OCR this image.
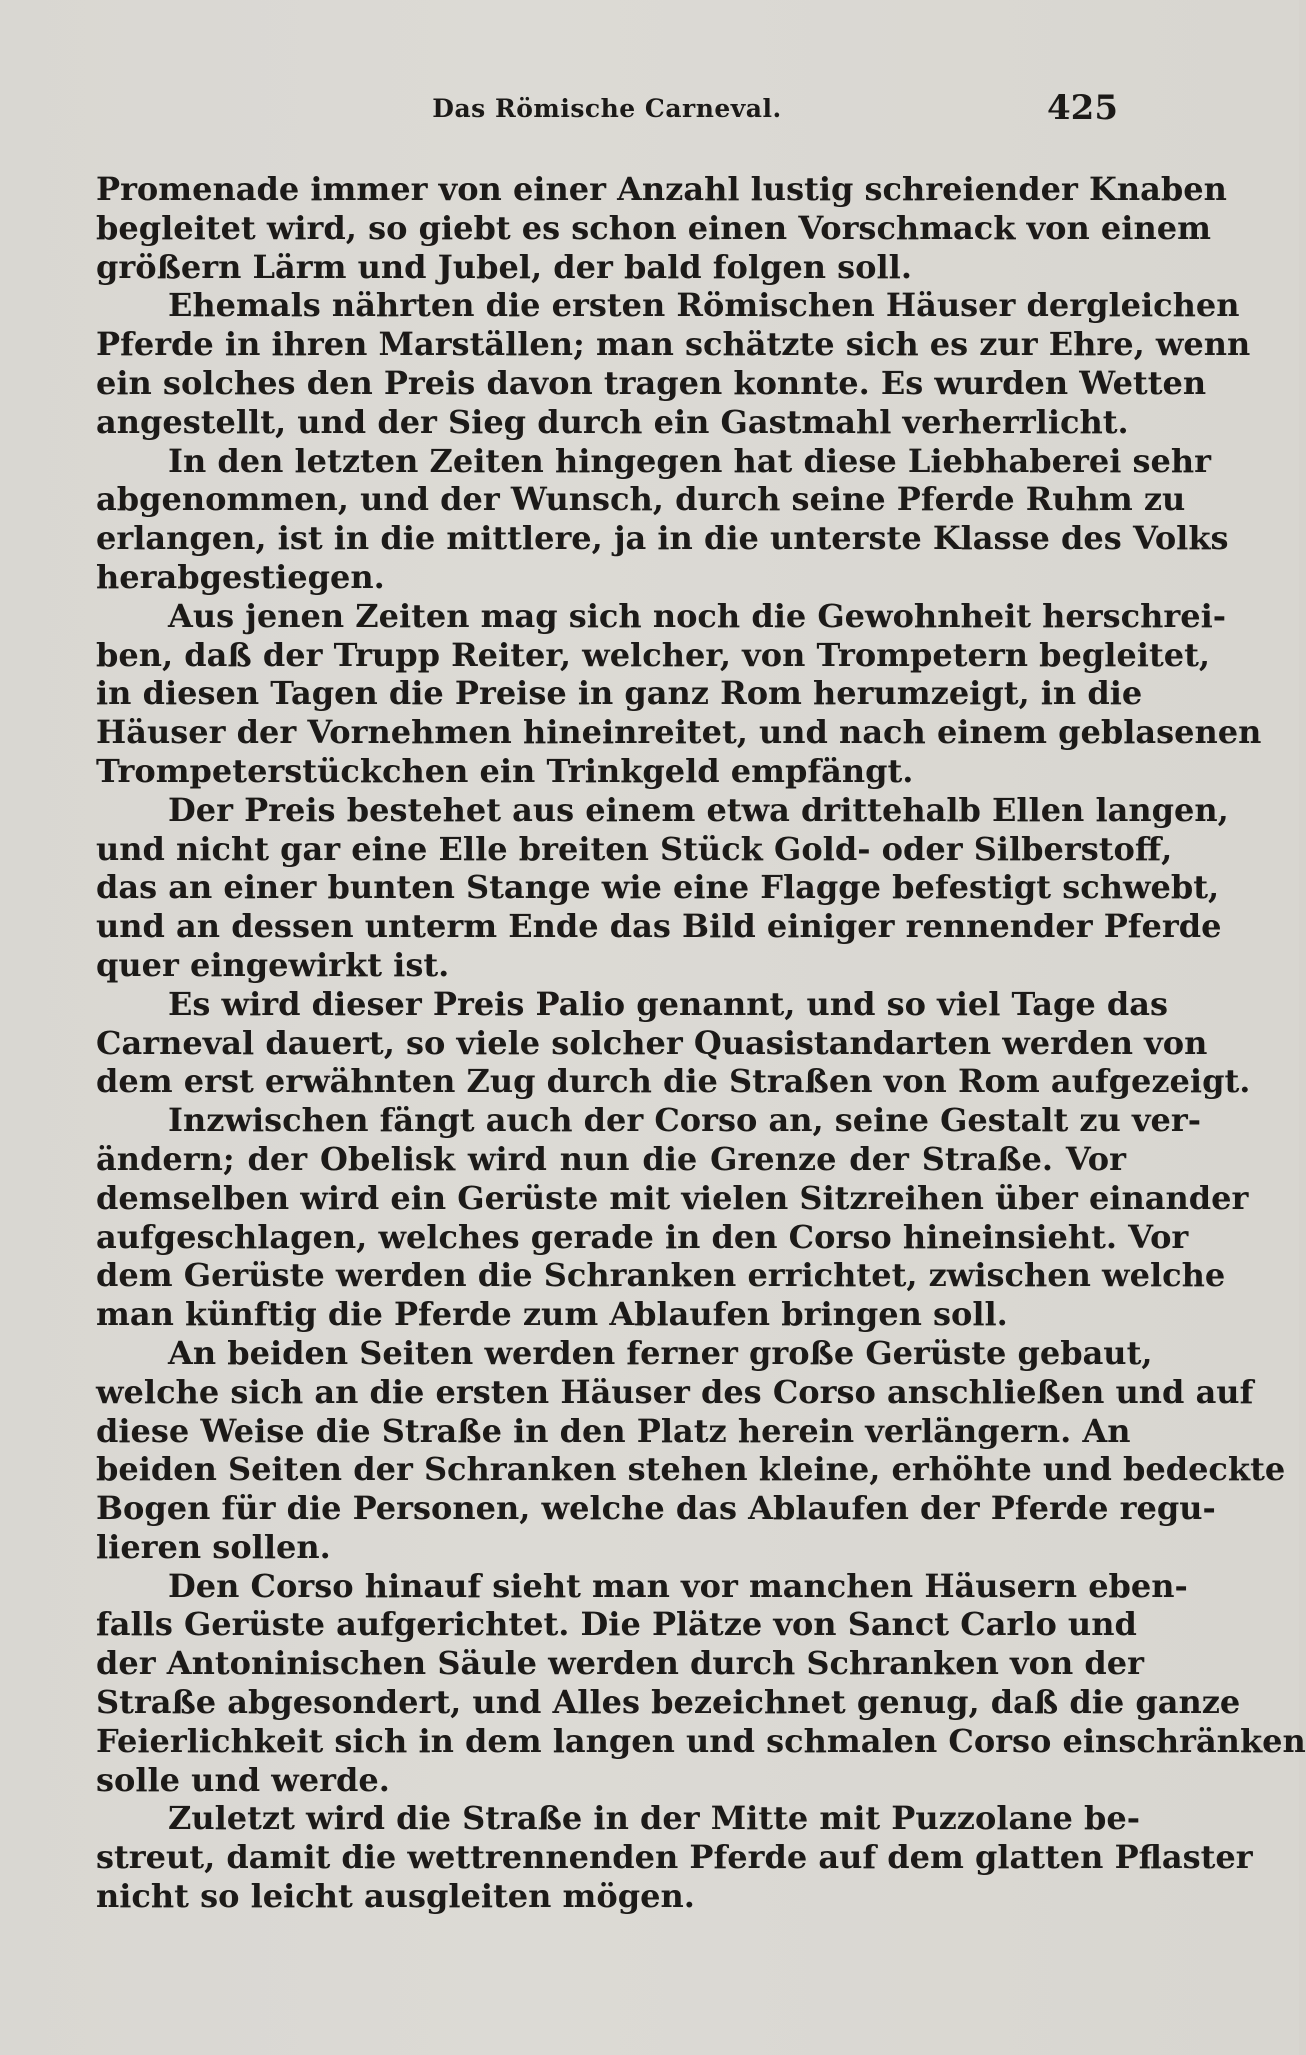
Das Römische Carneval.	425
Promenade immer von einer Anzahl lustig schreiender Knaben
begleitet wird, so giebt es schon einen Vorschmack von einem
größern Lärm und Jubel, der bald folgen soll.
Ehemals nährten die ersten Römischen Häuser dergleichen
Pferde in ihren Marställen; man schätzte sich es zur Ehre, wenn
ein solches den Preis davon tragen konnte. Es wurden Wetten
angestellt, und der Sieg durch ein Gastmahl verherrlicht.
In den letzten Zeiten hingegen hat diese Liebhaberei sehr
abgenommen, und der Wunsch, durch seine Pferde Ruhm zu
erlangen, ist in die mittlere, ja in die unterste Klasse des Volks
herabgestiegen.
Aus jenen Zeiten mag sich noch die Gewohnheit herschrei-
ben, daß der Trupp Reiter, welcher, von Trompetern begleitet,
in diesen Tagen die Preise in ganz Rom herumzeigt, in die
Häuser der Vornehmen hineinreitet, und nach einem geblasenen
Trompeterstückchen ein Trinkgeld empfängt.
Der Preis bestehet aus einem etwa drittehalb Ellen langen,
und nicht gar eine Elle breiten Stück Gold- oder Silberstoff,
das an einer bunten Stange wie eine Flagge befestigt schwebt,
und an dessen unterm Ende das Bild einiger rennender Pferde
quer eingewirkt ist.
Es wird dieser Preis Palio genannt, und so viel Tage das
Carneval dauert, so viele solcher Quasistandarten werden von
dem erst erwähnten Zug durch die Straßen von Rom aufgezeigt.
Inzwischen fängt auch der Corso an, seine Gestalt zu ver-
ändern; der Obelisk wird nun die Grenze der Straße. Vor
demselben wird ein Gerüste mit vielen Sitzreihen über einander
aufgeschlagen, welches gerade in den Corso hineinsieht. Vor
dem Gerüste werden die Schranken errichtet, zwischen welche
man künftig die Pferde zum Ablaufen bringen soll.
An beiden Seiten werden ferner große Gerüste gebaut,
welche sich an die ersten Häuser des Corso anschließen und auf
diese Weise die Straße in den Platz herein verlängern. An
beiden Seiten der Schranken stehen kleine, erhöhte und bedeckte
Bogen für die Personen, welche das Ablaufen der Pferde regu-
lieren sollen.
Den Corso hinauf sieht man vor manchen Häusern eben-
falls Gerüste aufgerichtet. Die Plätze von Sanct Carlo und
der Antoninischen Säule werden durch Schranken von der
Straße abgesondert, und Alles bezeichnet genug, daß die ganze
Feierlichkeit sich in dem langen und schmalen Corso einschränken
solle und werde.
Zuletzt wird die Straße in der Mitte mit Puzzolane be-
streut, damit die wettrennenden Pferde auf dem glatten Pflaster
nicht so leicht ausgleiten mögen.
